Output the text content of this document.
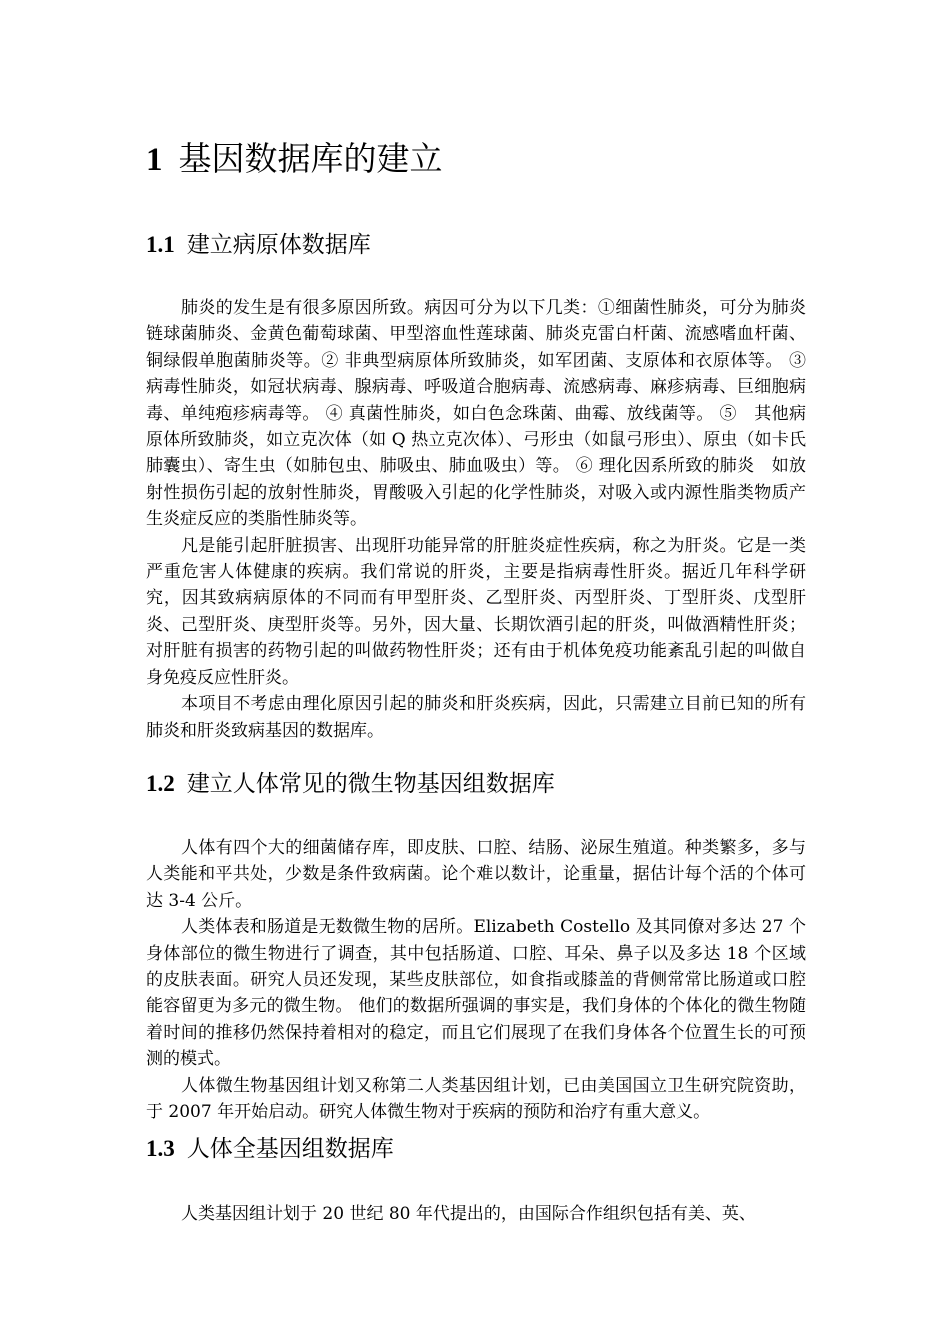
1 基因数据库的建立
1.1 建立病原体数据库

肺炎的发生是有很多原因所致。病因可分为以下几类：①细菌性肺炎，可分为肺炎链球菌肺炎、金黄色葡萄球菌、甲型溶血性莲球菌、肺炎克雷白杆菌、流感嗜血杆菌、铜绿假单胞菌肺炎等。② 非典型病原体所致肺炎，如军团菌、支原体和衣原体等。 ③ 病毒性肺炎，如冠状病毒、腺病毒、呼吸道合胞病毒、流感病毒、麻疹病毒、巨细胞病毒、单纯疱疹病毒等。 ④ 真菌性肺炎，如白色念珠菌、曲霉、放线菌等。 ⑤　其他病原体所致肺炎，如立克次体（如 Q 热立克次体）、弓形虫（如鼠弓形虫）、原虫（如卡氏肺囊虫）、寄生虫（如肺包虫、肺吸虫、肺血吸虫）等。 ⑥ 理化因系所致的肺炎　如放射性损伤引起的放射性肺炎，胃酸吸入引起的化学性肺炎，对吸入或内源性脂类物质产生炎症反应的类脂性肺炎等。

凡是能引起肝脏损害、出现肝功能异常的肝脏炎症性疾病，称之为肝炎。它是一类严重危害人体健康的疾病。我们常说的肝炎，主要是指病毒性肝炎。据近几年科学研究，因其致病病原体的不同而有甲型肝炎、乙型肝炎、丙型肝炎、丁型肝炎、戊型肝炎、己型肝炎、庚型肝炎等。另外，因大量、长期饮酒引起的肝炎，叫做酒精性肝炎；对肝脏有损害的药物引起的叫做药物性肝炎；还有由于机体免疫功能紊乱引起的叫做自身免疫反应性肝炎。

本项目不考虑由理化原因引起的肺炎和肝炎疾病，因此，只需建立目前已知的所有肺炎和肝炎致病基因的数据库。

1.2 建立人体常见的微生物基因组数据库

人体有四个大的细菌储存库，即皮肤、口腔、结肠、泌尿生殖道。种类繁多，多与人类能和平共处，少数是条件致病菌。论个难以数计，论重量，据估计每个活的个体可达 3-4 公斤。

人类体表和肠道是无数微生物的居所。Elizabeth Costello 及其同僚对多达 27 个身体部位的微生物进行了调查，其中包括肠道、口腔、耳朵、鼻子以及多达 18 个区域的皮肤表面。研究人员还发现，某些皮肤部位，如食指或膝盖的背侧常常比肠道或口腔能容留更为多元的微生物。 他们的数据所强调的事实是，我们身体的个体化的微生物随着时间的推移仍然保持着相对的稳定，而且它们展现了在我们身体各个位置生长的可预测的模式。

人体微生物基因组计划又称第二人类基因组计划，已由美国国立卫生研究院资助，于 2007 年开始启动。研究人体微生物对于疾病的预防和治疗有重大意义。

1.3 人体全基因组数据库

人类基因组计划于 20 世纪 80 年代提出的，由国际合作组织包括有美、英、
